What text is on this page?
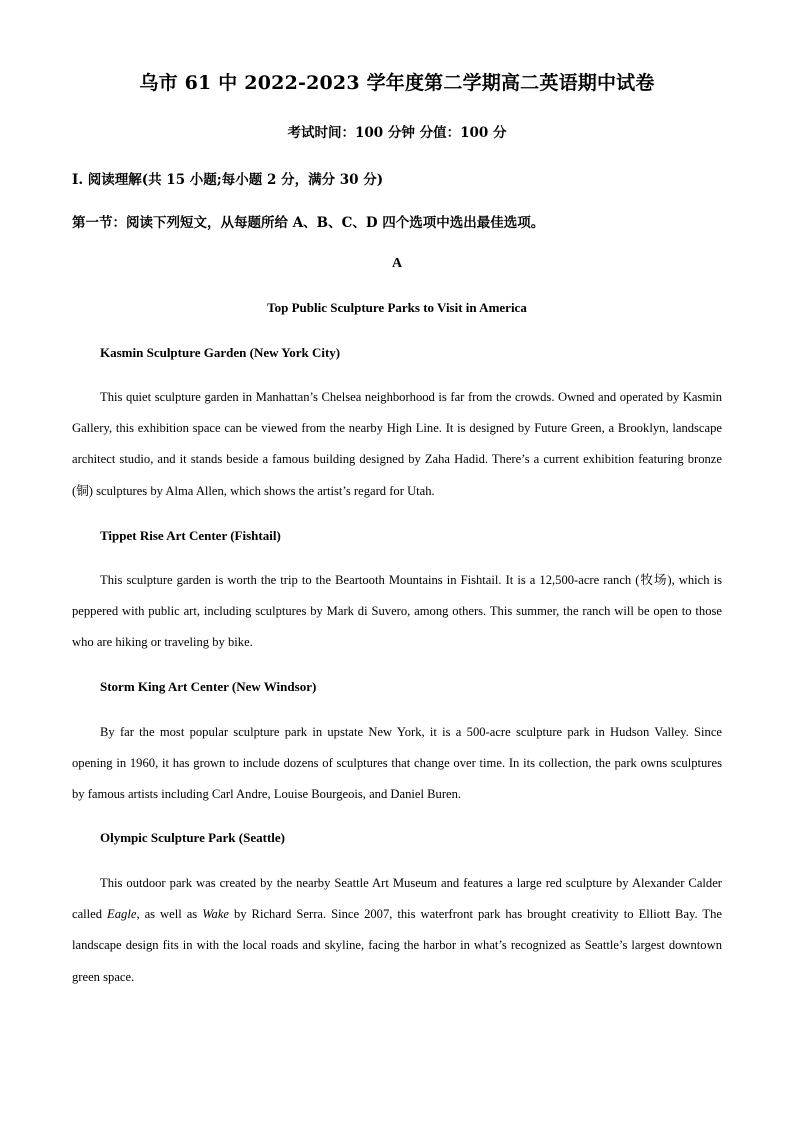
乌市 61 中 2022-2023 学年度第二学期高二英语期中试卷
考试时间：100 分钟 分值：100 分
I. 阅读理解(共 15 小题;每小题 2 分，满分 30 分)
第一节：阅读下列短文，从每题所给 A、B、C、D 四个选项中选出最佳选项。
A
Top Public Sculpture Parks to Visit in America
Kasmin Sculpture Garden (New York City)

This quiet sculpture garden in Manhattan’s Chelsea neighborhood is far from the crowds. Owned and operated by Kasmin Gallery, this exhibition space can be viewed from the nearby High Line. It is designed by Future Green, a Brooklyn, landscape architect studio, and it stands beside a famous building designed by Zaha Hadid. There’s a current exhibition featuring bronze (铜) sculptures by Alma Allen, which shows the artist’s regard for Utah.

Tippet Rise Art Center (Fishtail)

This sculpture garden is worth the trip to the Beartooth Mountains in Fishtail. It is a 12,500-acre ranch (牧场), which is peppered with public art, including sculptures by Mark di Suvero, among others. This summer, the ranch will be open to those who are hiking or traveling by bike.

Storm King Art Center (New Windsor)

By far the most popular sculpture park in upstate New York, it is a 500-acre sculpture park in Hudson Valley. Since opening in 1960, it has grown to include dozens of sculptures that change over time. In its collection, the park owns sculptures by famous artists including Carl Andre, Louise Bourgeois, and Daniel Buren.

Olympic Sculpture Park (Seattle)

This outdoor park was created by the nearby Seattle Art Museum and features a large red sculpture by Alexander Calder called Eagle, as well as Wake by Richard Serra. Since 2007, this waterfront park has brought creativity to Elliott Bay. The landscape design fits in with the local roads and skyline, facing the harbor in what’s recognized as Seattle’s largest downtown green space.
